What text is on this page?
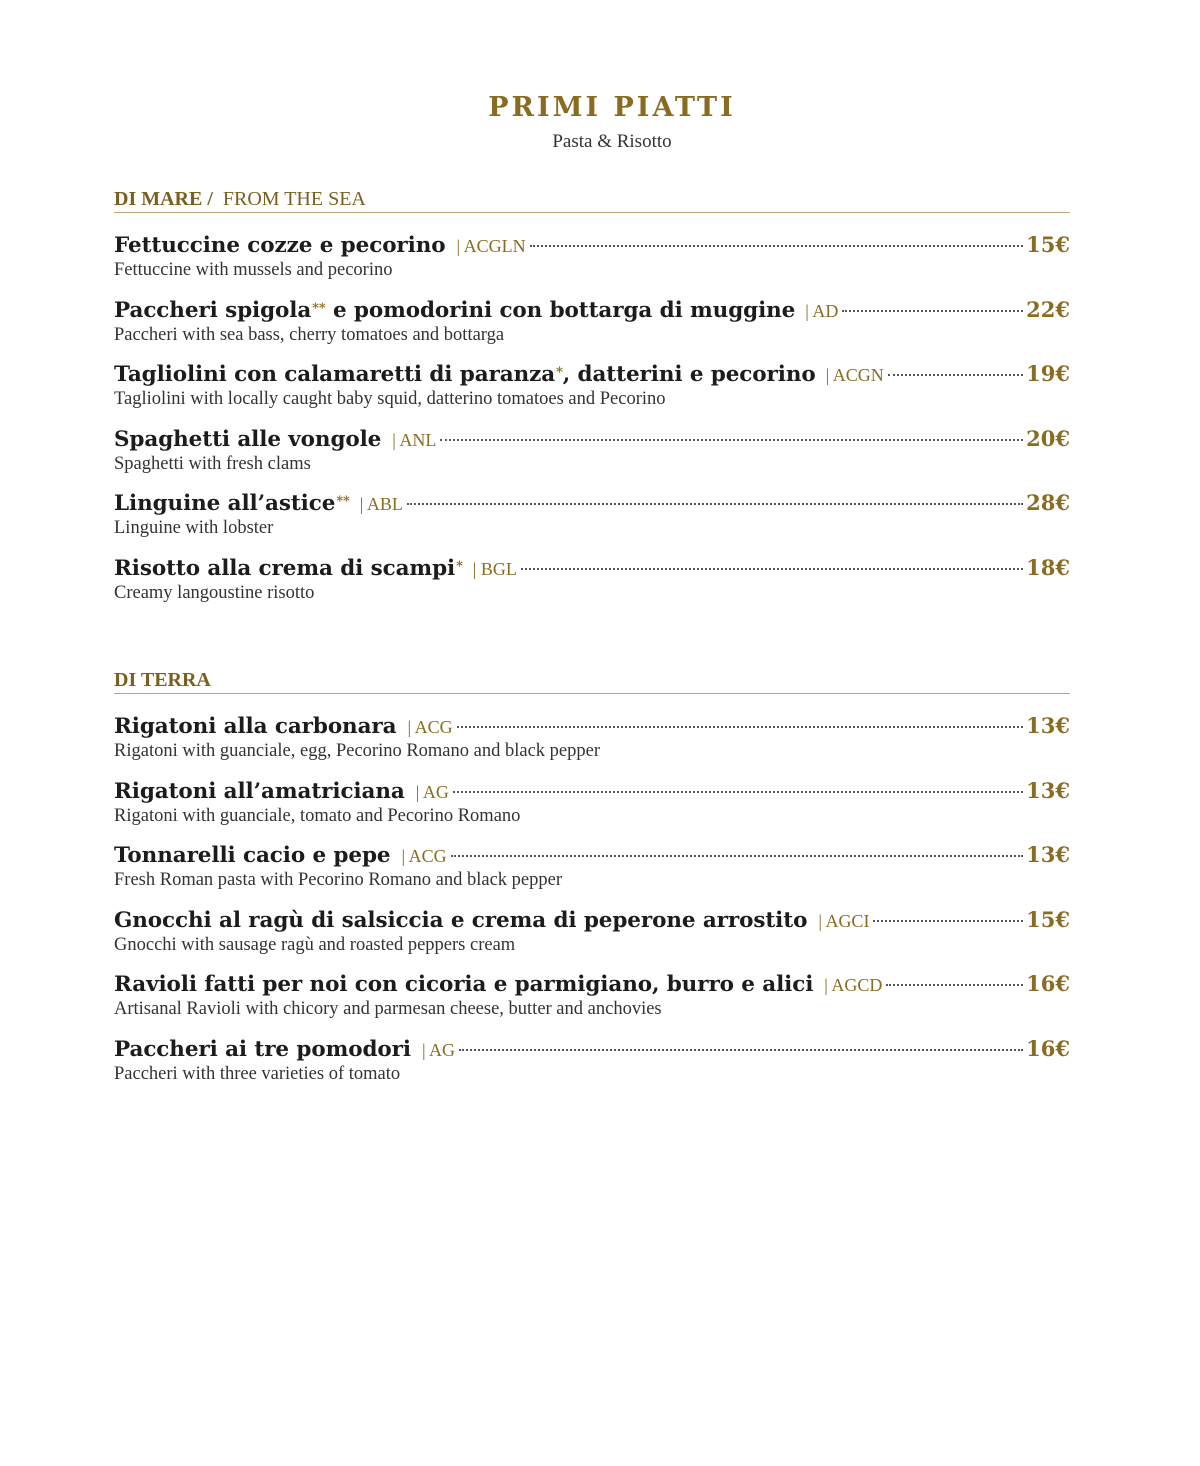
PRIMI PIATTI
Pasta & Risotto
DI MARE / FROM THE SEA
Fettuccine cozze e pecorino | ACGLN	15€
Fettuccine with mussels and pecorino
Paccheri spigola** e pomodorini con bottarga di muggine | AD	22€
Paccheri with sea bass, cherry tomatoes and bottarga
Tagliolini con calamaretti di paranza*, datterini e pecorino | ACGN	19€
Tagliolini with locally caught baby squid, datterino tomatoes and Pecorino
Spaghetti alle vongole | ANL	20€
Spaghetti with fresh clams
Linguine all’astice** | ABL	28€
Linguine with lobster
Risotto alla crema di scampi* | BGL	18€
Creamy langoustine risotto
DI TERRA
Rigatoni alla carbonara | ACG	13€
Rigatoni with guanciale, egg, Pecorino Romano and black pepper
Rigatoni all’amatriciana | AG	13€
Rigatoni with guanciale, tomato and Pecorino Romano
Tonnarelli cacio e pepe | ACG	13€
Fresh Roman pasta with Pecorino Romano and black pepper
Gnocchi al ragù di salsiccia e crema di peperone arrostito | AGCI	15€
Gnocchi with sausage ragù and roasted peppers cream
Ravioli fatti per noi con cicoria e parmigiano, burro e alici | AGCD	16€
Artisanal Ravioli with chicory and parmesan cheese, butter and anchovies
Paccheri ai tre pomodori | AG	16€
Paccheri with three varieties of tomato
